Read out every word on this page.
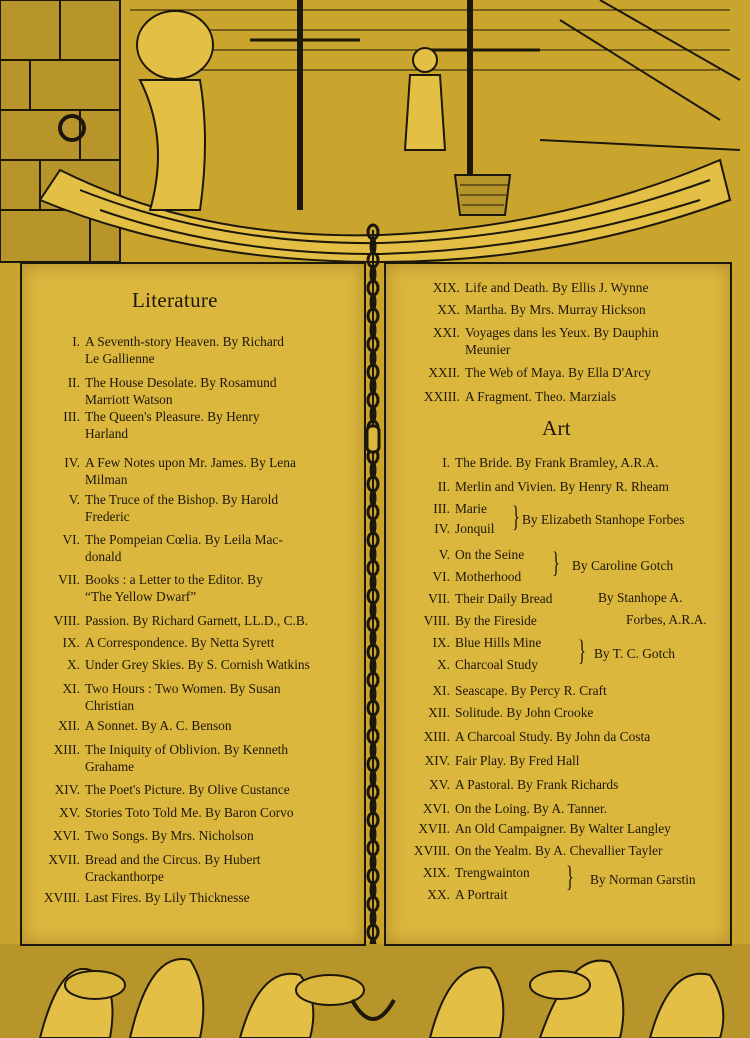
Literature
Art
I. A Seventh-story Heaven. By Richard
Le Gallienne
II. The House Desolate. By Rosamund
Marriott Watson
III. The Queen's Pleasure. By Henry
Harland
IV. A Few Notes upon Mr. James. By Lena
Milman
V. The Truce of the Bishop. By Harold
Frederic
VI. The Pompeian Cœlia. By Leila Mac-
donald
VII. Books : a Letter to the Editor. By
“The Yellow Dwarf”
VIII. Passion. By Richard Garnett, LL.D., C.B.
IX. A Correspondence. By Netta Syrett
X. Under Grey Skies. By S. Cornish Watkins
XI. Two Hours : Two Women. By Susan
Christian
XII. A Sonnet. By A. C. Benson
XIII. The Iniquity of Oblivion. By Kenneth
Grahame
XIV. The Poet's Picture. By Olive Custance
XV. Stories Toto Told Me. By Baron Corvo
XVI. Two Songs. By Mrs. Nicholson
XVII. Bread and the Circus. By Hubert
Crackanthorpe
XVIII. Last Fires. By Lily Thicknesse
XIX. Life and Death. By Ellis J. Wynne
XX. Martha. By Mrs. Murray Hickson
XXI. Voyages dans les Yeux. By Dauphin
Meunier
XXII. The Web of Maya. By Ella D'Arcy
XXIII. A Fragment. Theo. Marzials
I. The Bride. By Frank Bramley, A.R.A.
II. Merlin and Vivien. By Henry R. Rheam
III. Marie
IV. Jonquil
V. On the Seine
VI. Motherhood
VII. Their Daily Bread
VIII. By the Fireside
IX. Blue Hills Mine
X. Charcoal Study
XI. Seascape. By Percy R. Craft
XII. Solitude. By John Crooke
XIII. A Charcoal Study. By John da Costa
XIV. Fair Play. By Fred Hall
XV. A Pastoral. By Frank Richards
XVI. On the Loing. By A. Tanner.
XVII. An Old Campaigner. By Walter Langley
XVIII. On the Yealm. By A. Chevallier Tayler
XIX. Trengwainton
XX. A Portrait
} By Elizabeth Stanhope Forbes
} By Caroline Gotch
By Stanhope A.
Forbes, A.R.A.
} By T. C. Gotch
} By Norman Garstin
